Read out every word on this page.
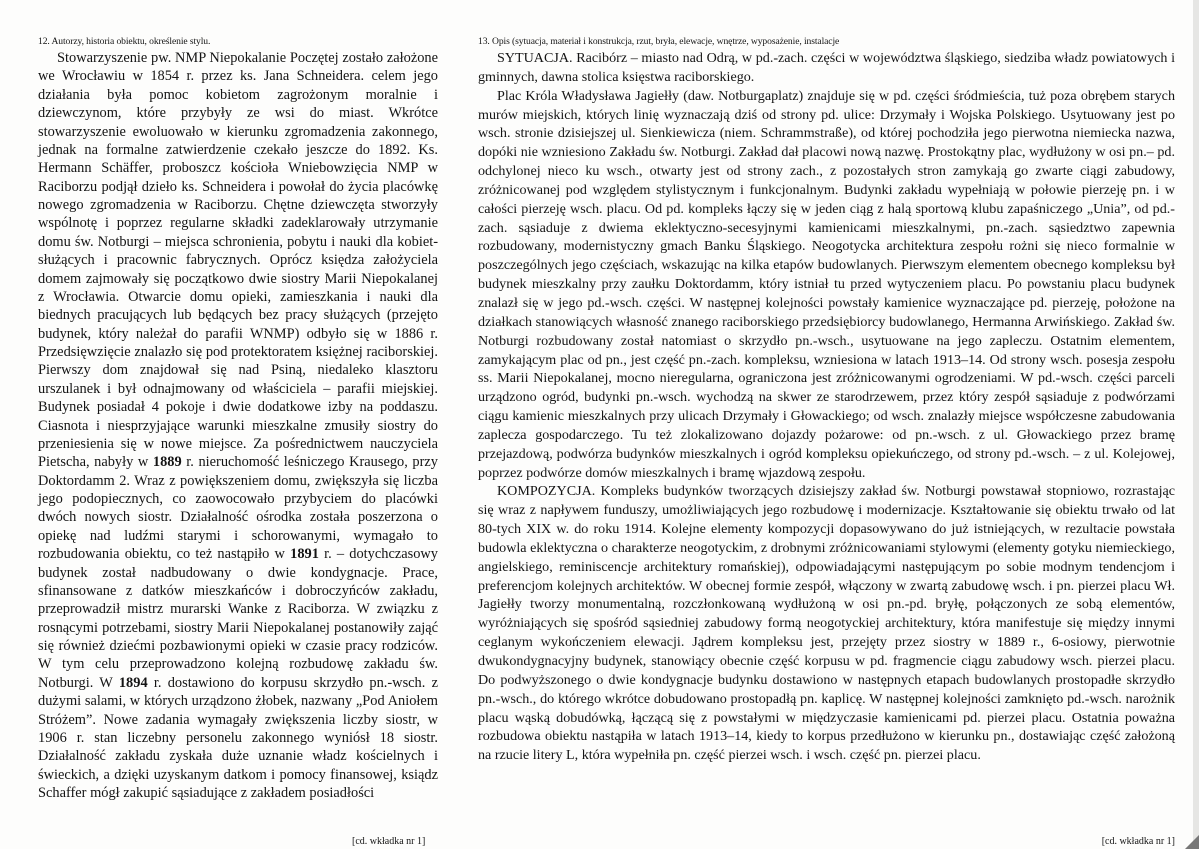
12. Autorzy, historia obiektu, określenie stylu.

Stowarzyszenie pw. NMP Niepokalanie Poczętej zostało założone we Wrocławiu w 1854 r. przez ks. Jana Schneidera. celem jego działania była pomoc kobietom zagrożonym moralnie i dziewczynom, które przybyły ze wsi do miast. Wkrótce stowarzyszenie ewoluowało w kierunku zgromadzenia zakonnego, jednak na formalne zatwierdzenie czekało jeszcze do 1892. Ks. Hermann Schäffer, proboszcz kościoła Wniebowzięcia NMP w Raciborzu podjął dzieło ks. Schneidera i powołał do życia placówkę nowego zgromadzenia w Raciborzu. Chętne dziewczęta stworzyły wspólnotę i poprzez regularne składki zadeklarowały utrzymanie domu św. Notburgi – miejsca schronienia, pobytu i nauki dla kobiet-służących i pracownic fabrycznych. Oprócz księdza założyciela domem zajmowały się początkowo dwie siostry Marii Niepokalanej z Wrocławia. Otwarcie domu opieki, zamieszkania i nauki dla biednych pracujących lub będących bez pracy służących (przejęto budynek, który należał do parafii WNMP) odbyło się w 1886 r. Przedsięwzięcie znalazło się pod protektoratem księżnej raciborskiej. Pierwszy dom znajdował się nad Psiną, niedaleko klasztoru urszulanek i był odnajmowany od właściciela – parafii miejskiej. Budynek posiadał 4 pokoje i dwie dodatkowe izby na poddaszu. Ciasnota i niesprzyjające warunki mieszkalne zmusiły siostry do przeniesienia się w nowe miejsce. Za pośrednictwem nauczyciela Pietscha, nabyły w 1889 r. nieruchomość leśniczego Krausego, przy Doktordamm 2. Wraz z powiększeniem domu, zwiększyła się liczba jego podopiecznych, co zaowocowało przybyciem do placówki dwóch nowych siostr. Działalność ośrodka została poszerzona o opiekę nad ludźmi starymi i schorowanymi, wymagało to rozbudowania obiektu, co też nastąpiło w 1891 r. – dotychczasowy budynek został nadbudowany o dwie kondygnacje. Prace, sfinansowane z datków mieszkańców i dobroczyńców zakładu, przeprowadził mistrz murarski Wanke z Raciborza. W związku z rosnącymi potrzebami, siostry Marii Niepokalanej postanowiły zająć się również dziećmi pozbawionymi opieki w czasie pracy rodziców. W tym celu przeprowadzono kolejną rozbudowę zakładu św. Notburgi. W 1894 r. dostawiono do korpusu skrzydło pn.-wsch. z dużymi salami, w których urządzono żłobek, nazwany „Pod Aniołem Stróżem”. Nowe zadania wymagały zwiększenia liczby siostr, w 1906 r. stan liczebny personelu zakonnego wyniósł 18 siostr. Działalność zakładu zyskała duże uznanie władz kościelnych i świeckich, a dzięki uzyskanym datkom i pomocy finansowej, ksiądz Schaffer mógł zakupić sąsiadujące z zakładem posiadłości

[cd. wkładka nr 1]
13. Opis (sytuacja, materiał i konstrukcja, rzut, bryła, elewacje, wnętrze, wyposażenie, instalacje

SYTUACJA. Racibórz – miasto nad Odrą, w pd.-zach. części w województwa śląskiego, siedziba władz powiatowych i gminnych, dawna stolica księstwa raciborskiego.

Plac Króla Władysława Jagiełły (daw. Notburgaplatz) znajduje się w pd. części śródmieścia, tuż poza obrębem starych murów miejskich, których linię wyznaczają dziś od strony pd. ulice: Drzymały i Wojska Polskiego. Usytuowany jest po wsch. stronie dzisiejszej ul. Sienkiewicza (niem. Schrammstraße), od której pochodziła jego pierwotna niemiecka nazwa, dopóki nie wzniesiono Zakładu św. Notburgi. Zakład dał placowi nową nazwę. Prostokątny plac, wydłużony w osi pn.– pd. odchylonej nieco ku wsch., otwarty jest od strony zach., z pozostałych stron zamykają go zwarte ciągi zabudowy, zróżnicowanej pod względem stylistycznym i funkcjonalnym. Budynki zakładu wypełniają w połowie pierzeję pn. i w całości pierzeję wsch. placu. Od pd. kompleks łączy się w jeden ciąg z halą sportową klubu zapaśniczego „Unia”, od pd.-zach. sąsiaduje z dwiema eklektyczno-secesyjnymi kamienicami mieszkalnymi, pn.-zach. sąsiedztwo zapewnia rozbudowany, modernistyczny gmach Banku Śląskiego. Neogotycka architektura zespołu rożni się nieco formalnie w poszczególnych jego częściach, wskazując na kilka etapów budowlanych. Pierwszym elementem obecnego kompleksu był budynek mieszkalny przy zaułku Doktordamm, który istniał tu przed wytyczeniem placu. Po powstaniu placu budynek znalazł się w jego pd.-wsch. części. W następnej kolejności powstały kamienice wyznaczające pd. pierzeję, położone na działkach stanowiących własność znanego raciborskiego przedsiębiorcy budowlanego, Hermanna Arwińskiego. Zakład św. Notburgi rozbudowany został natomiast o skrzydło pn.-wsch., usytuowane na jego zapleczu. Ostatnim elementem, zamykającym plac od pn., jest część pn.-zach. kompleksu, wzniesiona w latach 1913–14. Od strony wsch. posesja zespołu ss. Marii Niepokalanej, mocno nieregularna, ograniczona jest zróżnicowanymi ogrodzeniami. W pd.-wsch. części parceli urządzono ogród, budynki pn.-wsch. wychodzą na skwer ze starodrzewem, przez który zespół sąsiaduje z podwórzami ciągu kamienic mieszkalnych przy ulicach Drzymały i Głowackiego; od wsch. znalazły miejsce współczesne zabudowania zaplecza gospodarczego. Tu też zlokalizowano dojazdy pożarowe: od pn.-wsch. z ul. Głowackiego przez bramę przejazdową, podwórza budynków mieszkalnych i ogród kompleksu opiekuńczego, od strony pd.-wsch. – z ul. Kolejowej, poprzez podwórze domów mieszkalnych i bramę wjazdową zespołu.

KOMPOZYCJA. Kompleks budynków tworzących dzisiejszy zakład św. Notburgi powstawał stopniowo, rozrastając się wraz z napływem funduszy, umożliwiających jego rozbudowę i modernizacje. Kształtowanie się obiektu trwało od lat 80-tych XIX w. do roku 1914. Kolejne elementy kompozycji dopasowywano do już istniejących, w rezultacie powstała budowla eklektyczna o charakterze neogotyckim, z drobnymi zróżnicowaniami stylowymi (elementy gotyku niemieckiego, angielskiego, reminiscencje architektury romańskiej), odpowiadającymi następującym po sobie modnym tendencjom i preferencjom kolejnych architektów. W obecnej formie zespół, włączony w zwartą zabudowę wsch. i pn. pierzei placu Wł. Jagiełły tworzy monumentalną, rozczłonkowaną wydłużoną w osi pn.-pd. bryłę, połączonych ze sobą elementów, wyróżniających się spośród sąsiedniej zabudowy formą neogotyckiej architektury, która manifestuje się między innymi ceglanym wykończeniem elewacji. Jądrem kompleksu jest, przejęty przez siostry w 1889 r., 6-osiowy, pierwotnie dwukondygnacyjny budynek, stanowiący obecnie część korpusu w pd. fragmencie ciągu zabudowy wsch. pierzei placu. Do podwyższonego o dwie kondygnacje budynku dostawiono w następnych etapach budowlanych prostopadłe skrzydło pn.-wsch., do którego wkrótce dobudowano prostopadłą pn. kaplicę. W następnej kolejności zamknięto pd.-wsch. narożnik placu wąską dobudówką, łączącą się z powstałymi w międzyczasie kamienicami pd. pierzei placu. Ostatnia poważna rozbudowa obiektu nastąpiła w latach 1913–14, kiedy to korpus przedłużono w kierunku pn., dostawiając część założoną na rzucie litery L, która wypełniła pn. część pierzei wsch. i wsch. część pn. pierzei placu.

[cd. wkładka nr 1]
